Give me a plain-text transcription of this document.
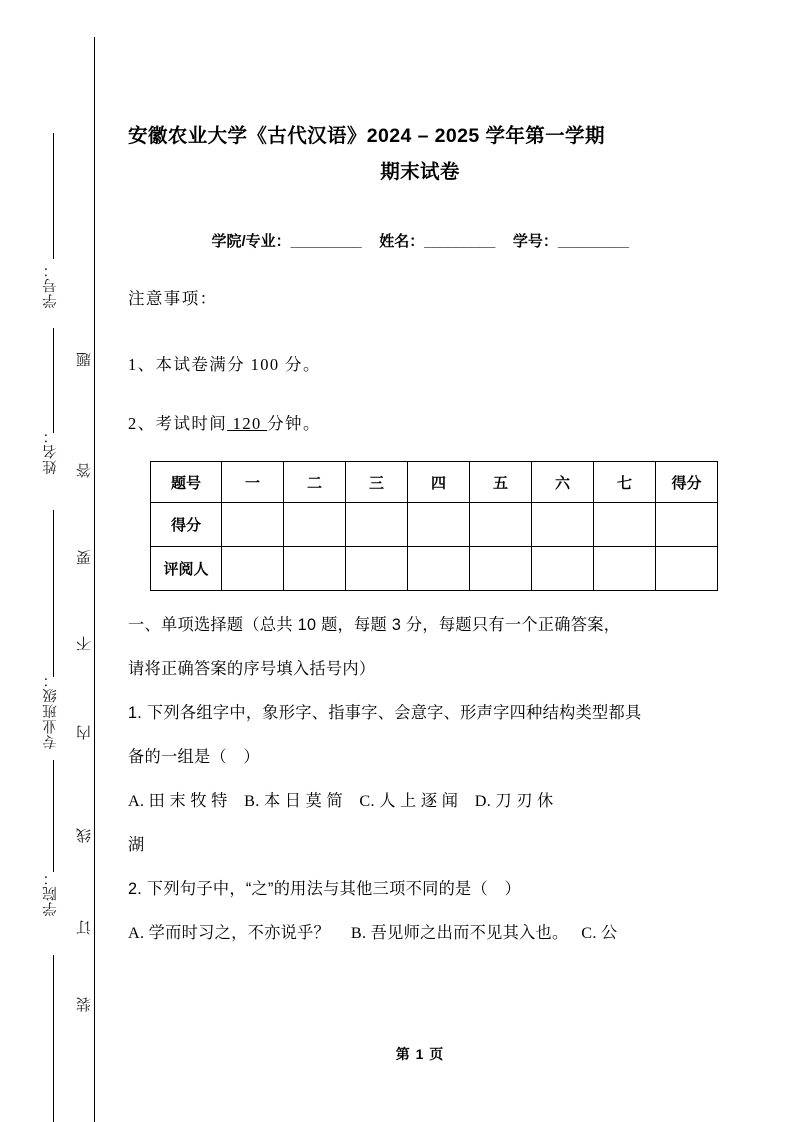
学号：
姓名：
专业班级：
学院：
题
答
要
不
内
线
订
装
安徽农业大学《古代汉语》2024 – 2025 学年第一学期
期末试卷
学院/专业：_________ 姓名：_________ 学号：_________
注意事项：
1、本试卷满分 100 分。
2、考试时间 120 分钟。
题号	一	二	三	四	五	六	七	得分
得分								
评阅人								
一、单项选择题（总共 10 题，每题 3 分，每题只有一个正确答案，
请将正确答案的序号填入括号内）
1. 下列各组字中，象形字、指事字、会意字、形声字四种结构类型都具
备的一组是（　）
A. 田 末 牧 特　B. 本 日 莫 简　C. 人 上 逐 闻　D. 刀 刃 休
湖
2. 下列句子中，“之”的用法与其他三项不同的是（　）
A. 学而时习之，不亦说乎？　 B. 吾见师之出而不见其入也。　 C. 公
第 1 页
